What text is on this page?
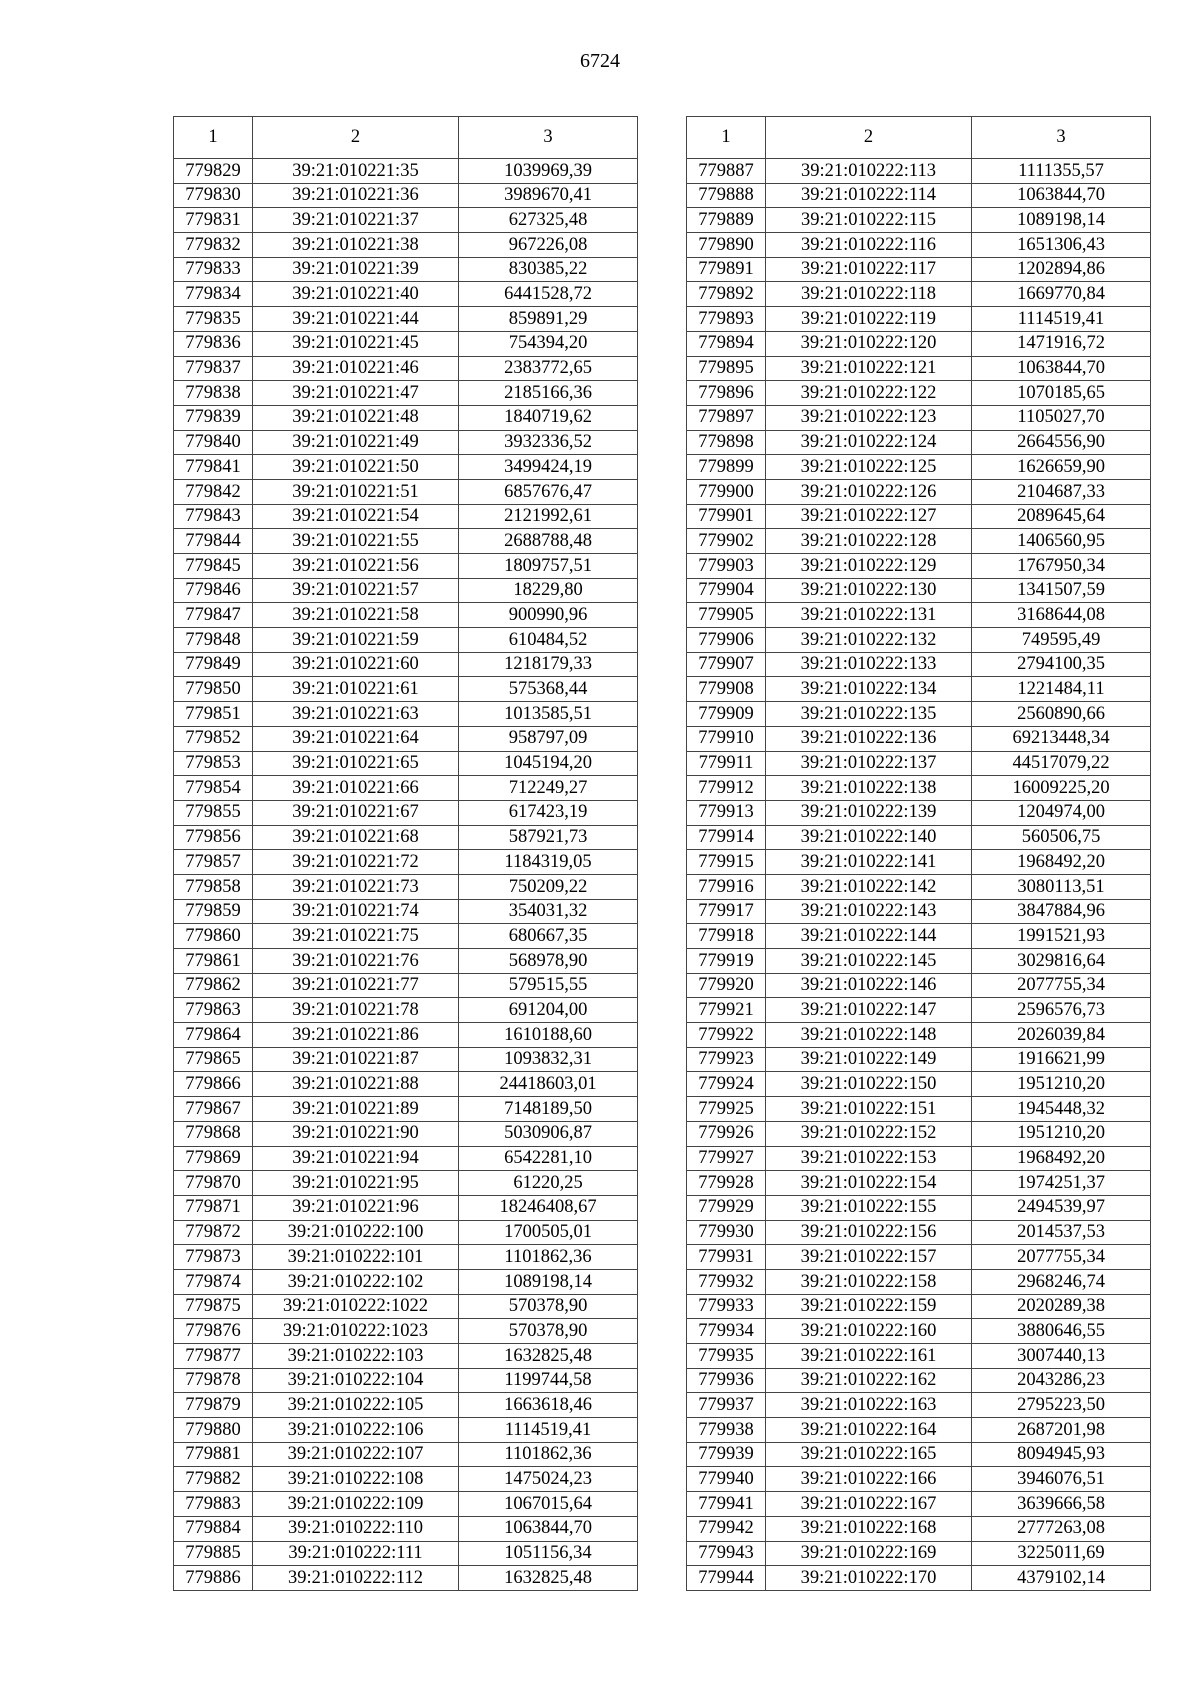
6724
1	2	3
779829	39:21:010221:35	1039969,39
779830	39:21:010221:36	3989670,41
779831	39:21:010221:37	627325,48
779832	39:21:010221:38	967226,08
779833	39:21:010221:39	830385,22
779834	39:21:010221:40	6441528,72
779835	39:21:010221:44	859891,29
779836	39:21:010221:45	754394,20
779837	39:21:010221:46	2383772,65
779838	39:21:010221:47	2185166,36
779839	39:21:010221:48	1840719,62
779840	39:21:010221:49	3932336,52
779841	39:21:010221:50	3499424,19
779842	39:21:010221:51	6857676,47
779843	39:21:010221:54	2121992,61
779844	39:21:010221:55	2688788,48
779845	39:21:010221:56	1809757,51
779846	39:21:010221:57	18229,80
779847	39:21:010221:58	900990,96
779848	39:21:010221:59	610484,52
779849	39:21:010221:60	1218179,33
779850	39:21:010221:61	575368,44
779851	39:21:010221:63	1013585,51
779852	39:21:010221:64	958797,09
779853	39:21:010221:65	1045194,20
779854	39:21:010221:66	712249,27
779855	39:21:010221:67	617423,19
779856	39:21:010221:68	587921,73
779857	39:21:010221:72	1184319,05
779858	39:21:010221:73	750209,22
779859	39:21:010221:74	354031,32
779860	39:21:010221:75	680667,35
779861	39:21:010221:76	568978,90
779862	39:21:010221:77	579515,55
779863	39:21:010221:78	691204,00
779864	39:21:010221:86	1610188,60
779865	39:21:010221:87	1093832,31
779866	39:21:010221:88	24418603,01
779867	39:21:010221:89	7148189,50
779868	39:21:010221:90	5030906,87
779869	39:21:010221:94	6542281,10
779870	39:21:010221:95	61220,25
779871	39:21:010221:96	18246408,67
779872	39:21:010222:100	1700505,01
779873	39:21:010222:101	1101862,36
779874	39:21:010222:102	1089198,14
779875	39:21:010222:1022	570378,90
779876	39:21:010222:1023	570378,90
779877	39:21:010222:103	1632825,48
779878	39:21:010222:104	1199744,58
779879	39:21:010222:105	1663618,46
779880	39:21:010222:106	1114519,41
779881	39:21:010222:107	1101862,36
779882	39:21:010222:108	1475024,23
779883	39:21:010222:109	1067015,64
779884	39:21:010222:110	1063844,70
779885	39:21:010222:111	1051156,34
779886	39:21:010222:112	1632825,48
1	2	3
779887	39:21:010222:113	1111355,57
779888	39:21:010222:114	1063844,70
779889	39:21:010222:115	1089198,14
779890	39:21:010222:116	1651306,43
779891	39:21:010222:117	1202894,86
779892	39:21:010222:118	1669770,84
779893	39:21:010222:119	1114519,41
779894	39:21:010222:120	1471916,72
779895	39:21:010222:121	1063844,70
779896	39:21:010222:122	1070185,65
779897	39:21:010222:123	1105027,70
779898	39:21:010222:124	2664556,90
779899	39:21:010222:125	1626659,90
779900	39:21:010222:126	2104687,33
779901	39:21:010222:127	2089645,64
779902	39:21:010222:128	1406560,95
779903	39:21:010222:129	1767950,34
779904	39:21:010222:130	1341507,59
779905	39:21:010222:131	3168644,08
779906	39:21:010222:132	749595,49
779907	39:21:010222:133	2794100,35
779908	39:21:010222:134	1221484,11
779909	39:21:010222:135	2560890,66
779910	39:21:010222:136	69213448,34
779911	39:21:010222:137	44517079,22
779912	39:21:010222:138	16009225,20
779913	39:21:010222:139	1204974,00
779914	39:21:010222:140	560506,75
779915	39:21:010222:141	1968492,20
779916	39:21:010222:142	3080113,51
779917	39:21:010222:143	3847884,96
779918	39:21:010222:144	1991521,93
779919	39:21:010222:145	3029816,64
779920	39:21:010222:146	2077755,34
779921	39:21:010222:147	2596576,73
779922	39:21:010222:148	2026039,84
779923	39:21:010222:149	1916621,99
779924	39:21:010222:150	1951210,20
779925	39:21:010222:151	1945448,32
779926	39:21:010222:152	1951210,20
779927	39:21:010222:153	1968492,20
779928	39:21:010222:154	1974251,37
779929	39:21:010222:155	2494539,97
779930	39:21:010222:156	2014537,53
779931	39:21:010222:157	2077755,34
779932	39:21:010222:158	2968246,74
779933	39:21:010222:159	2020289,38
779934	39:21:010222:160	3880646,55
779935	39:21:010222:161	3007440,13
779936	39:21:010222:162	2043286,23
779937	39:21:010222:163	2795223,50
779938	39:21:010222:164	2687201,98
779939	39:21:010222:165	8094945,93
779940	39:21:010222:166	3946076,51
779941	39:21:010222:167	3639666,58
779942	39:21:010222:168	2777263,08
779943	39:21:010222:169	3225011,69
779944	39:21:010222:170	4379102,14
